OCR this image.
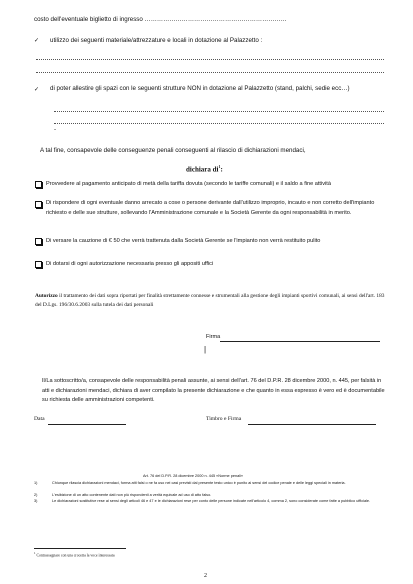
costo dell'eventuale biglietto di ingresso ……………………………………………………………
✓ utilizzo dei seguenti materiale/attrezzature e locali in dotazione al Palazzetto :
✓ di poter allestire gli spazi con le seguenti strutture NON in dotazione al Palazzetto (stand, palchi, sedie ecc…)
-
A tal fine, consapevole delle conseguenze penali conseguenti al rilascio di dichiarazioni mendaci,
dichiara $di^1$:
Provvedere al pagamento anticipato di metà della tariffa dovuta (secondo le tariffe comunali) e il saldo a fine attività
Di rispondere di ogni eventuale danno arrecato a cose o persone derivante dall'utilizzo improprio, incauto e non corretto dell'impianto richiesto e delle sue strutture, sollevando l'Amministrazione comunale e la Società Gerente da ogni responsabilità in merito.
Di versare la cauzione di € 50 che verrà trattenuta dalla Società Gerente se l'impianto non verrà restituito pulito
Di dotarsi di ogni autorizzazione necessaria presso gli appositi uffici
Autorizzo il trattamento dei dati sopra riportati per finalità strettamente connesse e strumentali alla gestione degli impianti sportivi comunali, ai sensi dell'art. 183 del D.Lgs. 196/30.6.2003 sulla tutela dei dati personali
Firma
|
Il/La sottoscritto/a, consapevole delle responsabilità penali assunte, ai sensi dell'art. 76 del D.P.R. 28 dicembre 2000, n. 445, per falsità in atti e dichiarazioni mendaci, dichiara di aver compilato la presente dichiarazione e che quanto in essa espresso è vero ed è documentabile su richiesta delle amministrazioni competenti.
Data	Timbro e Firma
Art. 76 del D.P.R. 28 dicembre 2000 n. 445 «Norme penali»
1)	Chiunque rilascia dichiarazioni mendaci, forma atti falsi o ne fa uso nei casi previsti dal presente testo unico è punito ai sensi del codice penale e delle leggi speciali in materia.
2)	L'esibizione di un atto contenente dati non più rispondenti a verità equivale ad uso di atto falso.
3)	Le dichiarazioni sostitutive rese ai sensi degli articoli 46 e 47 e le dichiarazioni rese per conto delle persone indicate nell'articolo 4, comma 2, sono considerate come fatte a pubblico ufficiale.
$^1$ Contrassegnare con una crocetta la voce interessata
2
